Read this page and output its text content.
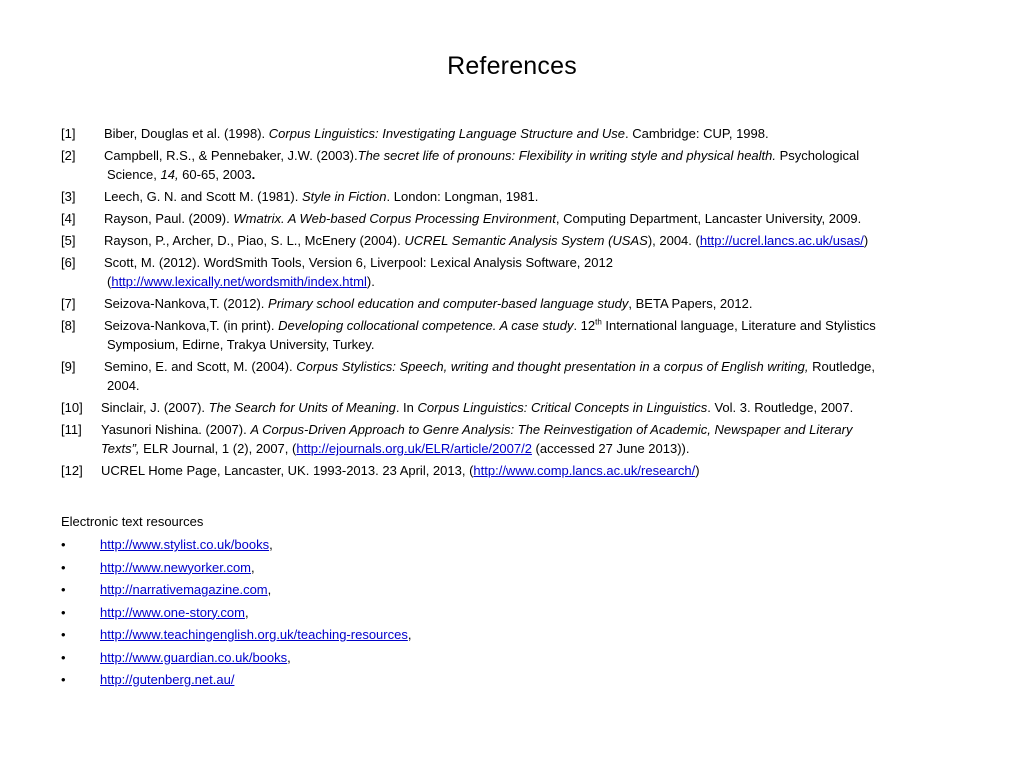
References
[1] Biber, Douglas et al. (1998). Corpus Linguistics: Investigating Language Structure and Use. Cambridge: CUP, 1998.
[2] Campbell, R.S., & Pennebaker, J.W. (2003).The secret life of pronouns: Flexibility in writing style and physical health. Psychological
Science, 14, 60-65, 2003.
[3] Leech, G. N. and Scott M. (1981). Style in Fiction. London: Longman, 1981.
[4] Rayson, Paul. (2009). Wmatrix. A Web-based Corpus Processing Environment, Computing Department, Lancaster University, 2009.
[5] Rayson, P., Archer, D., Piao, S. L., McEnery (2004). UCREL Semantic Analysis System (USAS), 2004. (http://ucrel.lancs.ac.uk/usas/)
[6] Scott, M. (2012). WordSmith Tools, Version 6, Liverpool: Lexical Analysis Software, 2012
(http://www.lexically.net/wordsmith/index.html).
[7] Seizova-Nankova,T. (2012). Primary school education and computer-based language study, BETA Papers, 2012.
[8] Seizova-Nankova,T. (in print). Developing collocational competence. A case study. 12th International language, Literature and Stylistics
Symposium, Edirne, Trakya University, Turkey.
[9] Semino, E. and Scott, M. (2004). Corpus Stylistics: Speech, writing and thought presentation in a corpus of English writing, Routledge,
2004.
[10] Sinclair, J. (2007). The Search for Units of Meaning. In Corpus Linguistics: Critical Concepts in Linguistics. Vol. 3. Routledge, 2007.
[11] Yasunori Nishina. (2007). A Corpus-Driven Approach to Genre Analysis: The Reinvestigation of Academic, Newspaper and Literary
Texts”, ELR Journal, 1 (2), 2007, (http://ejournals.org.uk/ELR/article/2007/2 (accessed 27 June 2013)).
[12] UCREL Home Page, Lancaster, UK. 1993-2013. 23 April, 2013, (http://www.comp.lancs.ac.uk/research/)
Electronic text resources
•	http://www.stylist.co.uk/books,
•	http://www.newyorker.com,
•	http://narrativemagazine.com,
•	http://www.one-story.com,
•	http://www.teachingenglish.org.uk/teaching-resources,
•	http://www.guardian.co.uk/books,
•	http://gutenberg.net.au/
